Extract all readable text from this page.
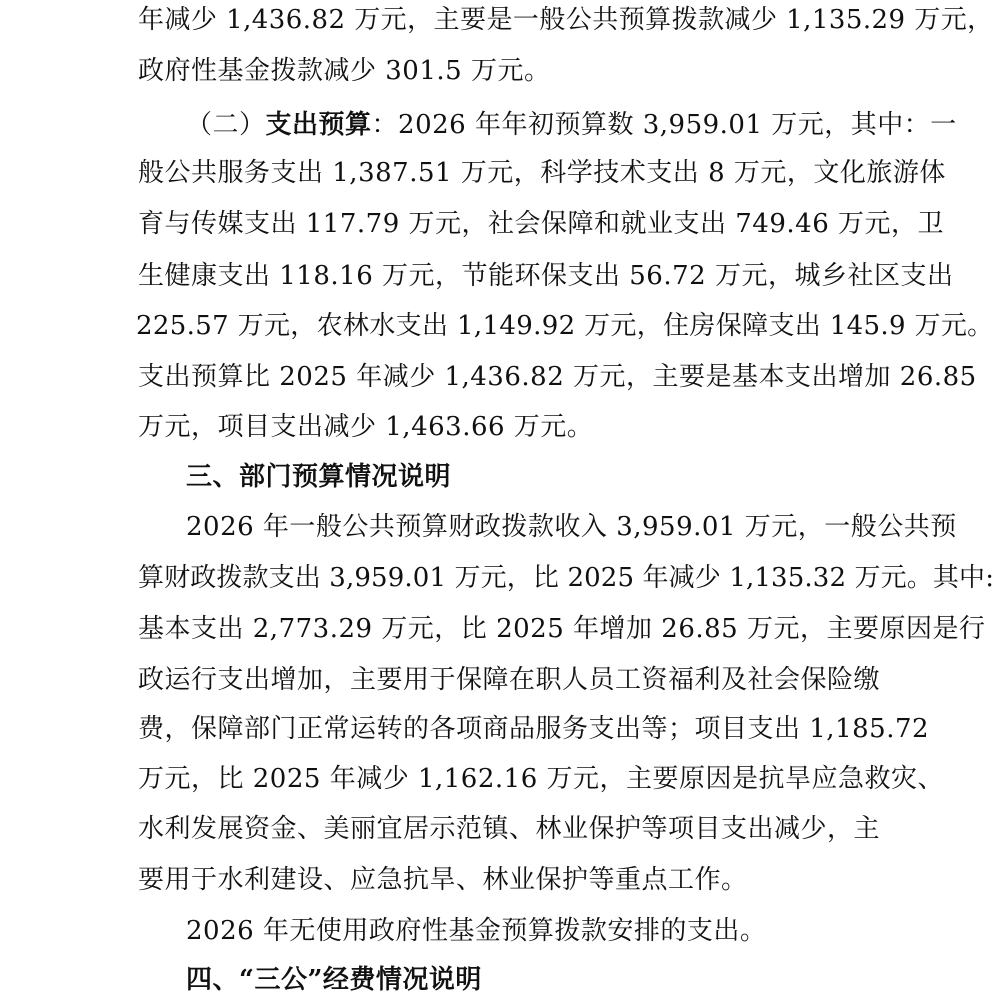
年减少 1,436.82 万元，主要是一般公共预算拨款减少 1,135.29 万元，
政府性基金拨款减少 301.5 万元。
（二）支出预算：2026 年年初预算数 3,959.01 万元，其中：一
般公共服务支出 1,387.51 万元，科学技术支出 8 万元，文化旅游体
育与传媒支出 117.79 万元，社会保障和就业支出 749.46 万元，卫
生健康支出 118.16 万元，节能环保支出 56.72 万元，城乡社区支出
225.57 万元，农林水支出 1,149.92 万元，住房保障支出 145.9 万元。
支出预算比 2025 年减少 1,436.82 万元，主要是基本支出增加 26.85
万元，项目支出减少 1,463.66 万元。
三、部门预算情况说明
2026 年一般公共预算财政拨款收入 3,959.01 万元，一般公共预
算财政拨款支出 3,959.01 万元，比 2025 年减少 1,135.32 万元。其中:
基本支出 2,773.29 万元，比 2025 年增加 26.85 万元，主要原因是行
政运行支出增加，主要用于保障在职人员工资福利及社会保险缴
费，保障部门正常运转的各项商品服务支出等；项目支出 1,185.72
万元，比 2025 年减少 1,162.16 万元，主要原因是抗旱应急救灾、
水利发展资金、美丽宜居示范镇、林业保护等项目支出减少，主
要用于水利建设、应急抗旱、林业保护等重点工作。
2026 年无使用政府性基金预算拨款安排的支出。
四、“三公”经费情况说明
